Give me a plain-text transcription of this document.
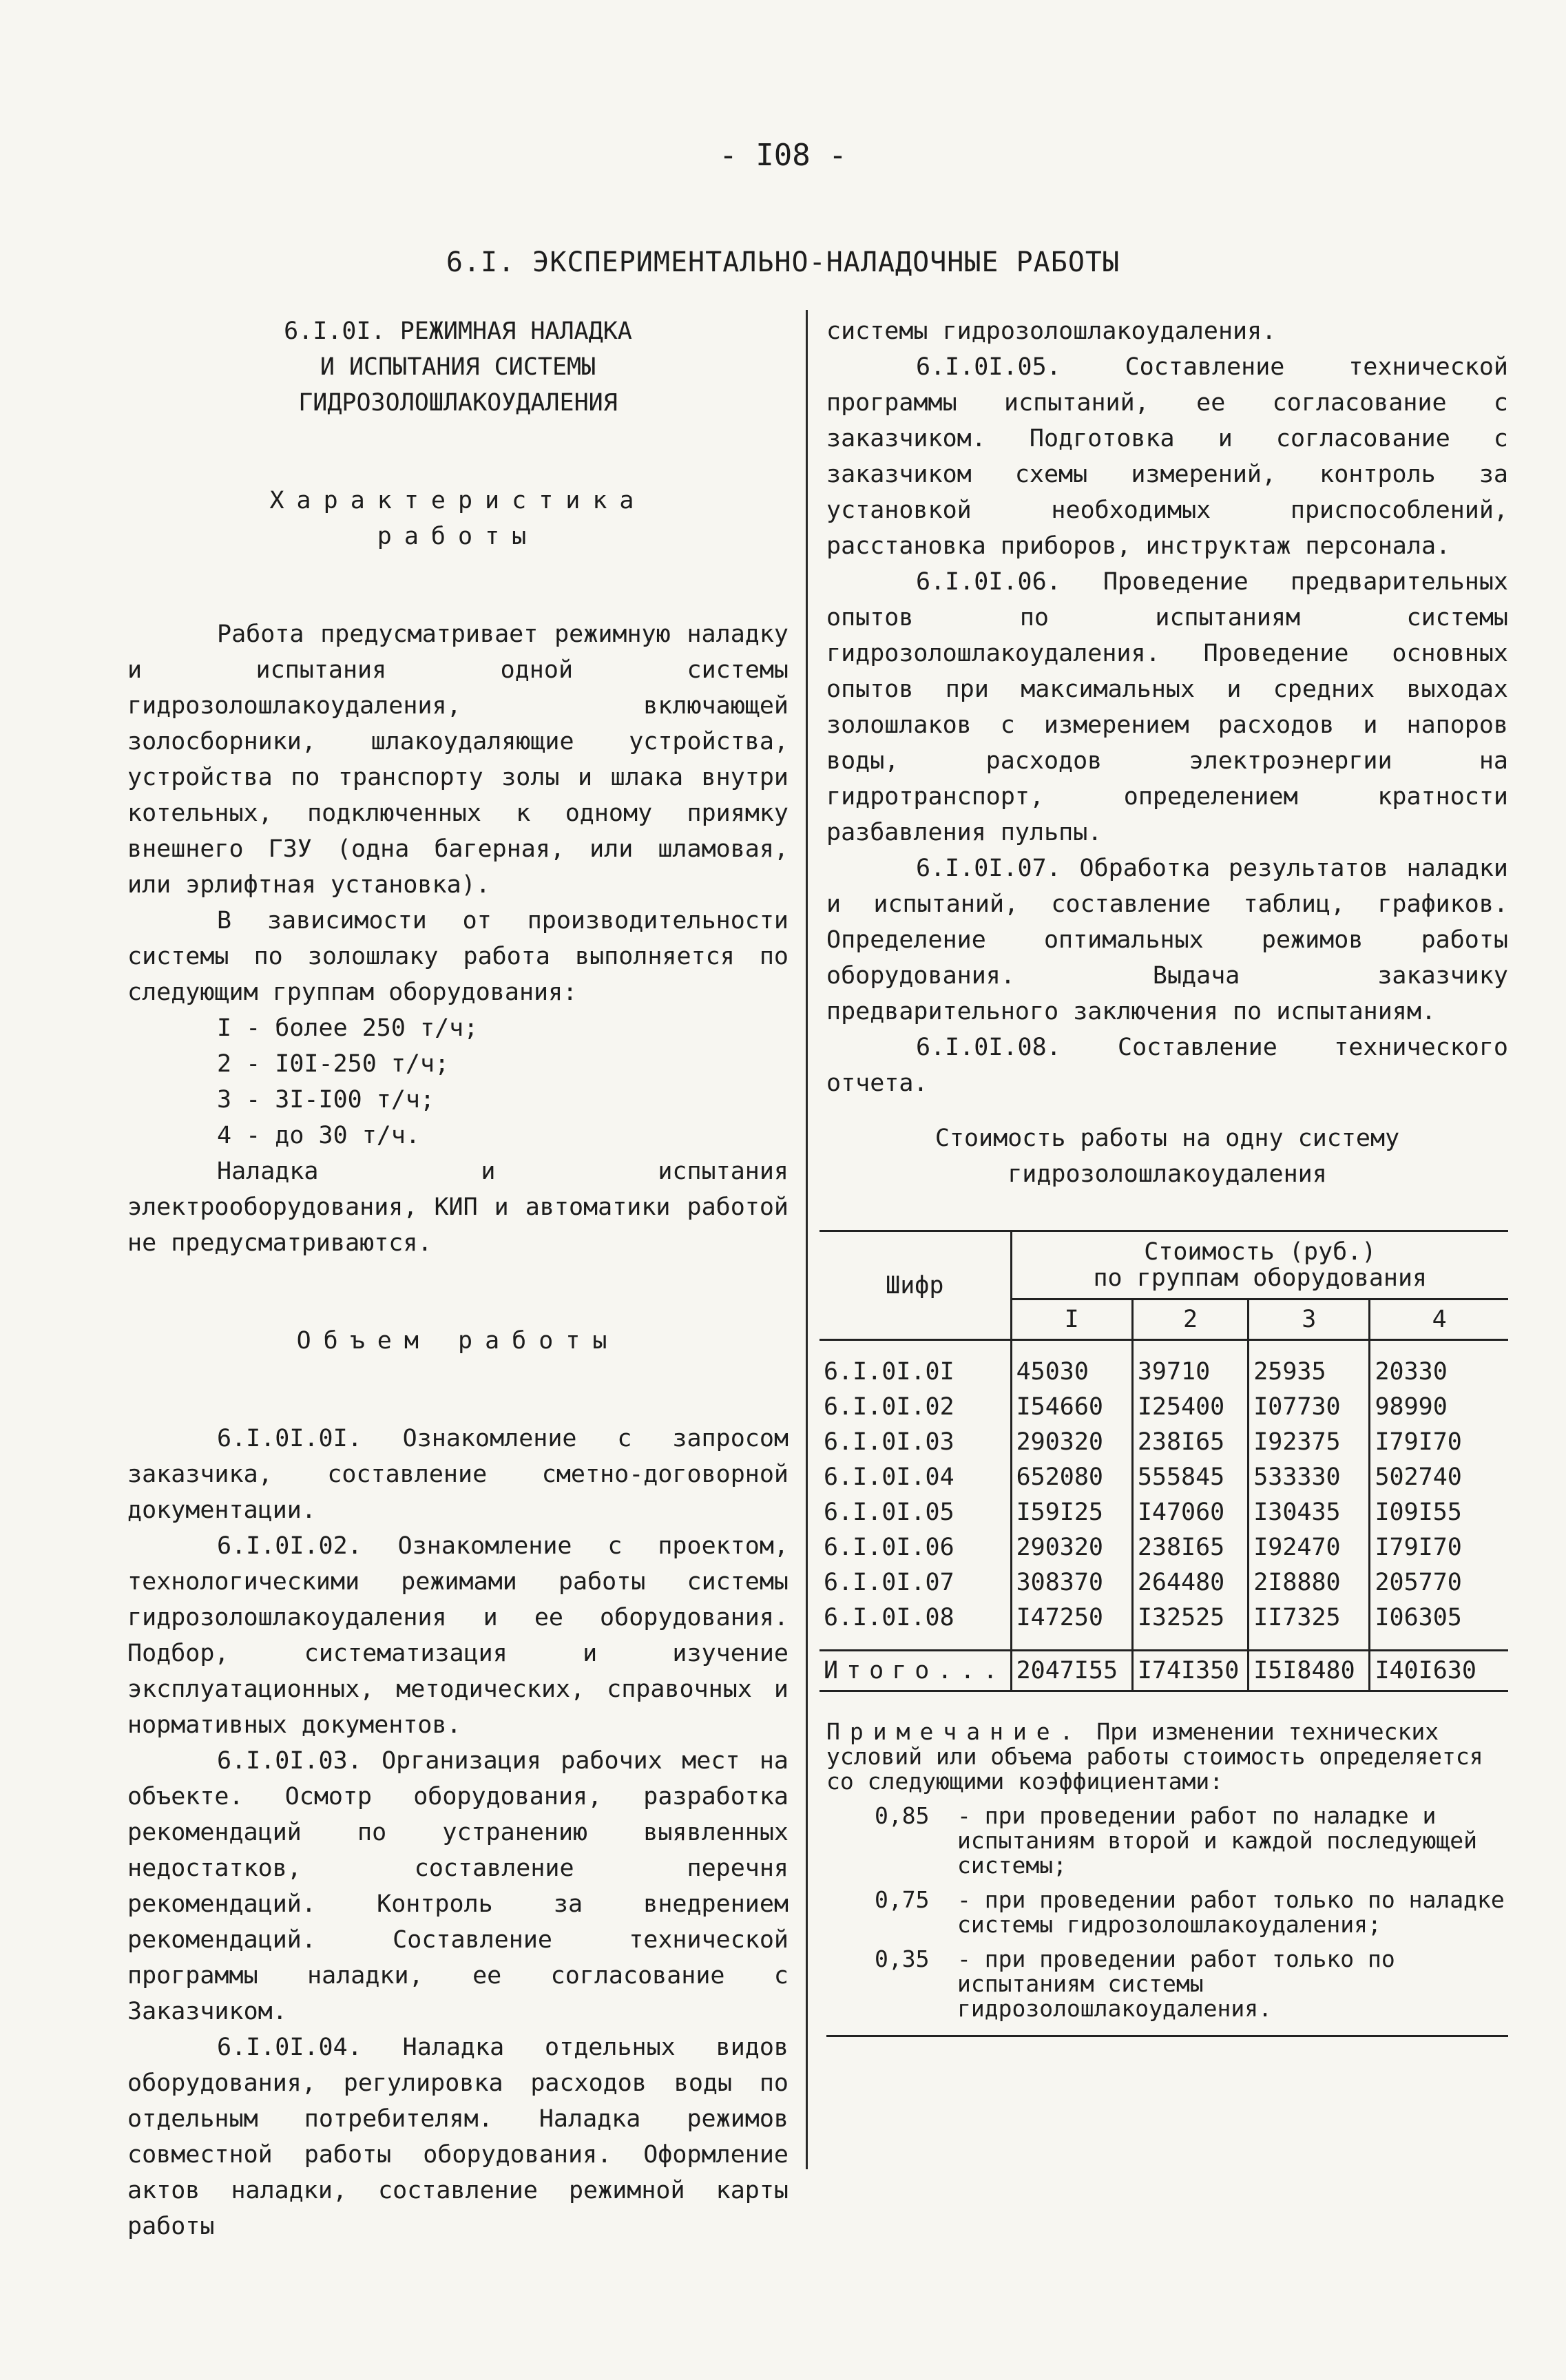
- I08 -
6.I. ЭКСПЕРИМЕНТАЛЬНО-НАЛАДОЧНЫЕ РАБОТЫ
6.I.0I. РЕЖИМНАЯ НАЛАДКА
И ИСПЫТАНИЯ СИСТЕМЫ
ГИДРОЗОЛОШЛАКОУДАЛЕНИЯ
Характеристика
работы

Работа предусматривает режимную наладку и испытания одной системы гидрозолошлакоудаления, включающей золосборники, шлакоудаляющие устройства, устройства по транспорту золы и шлака внутри котельных, подключенных к одному приямку внешнего ГЗУ (одна багерная, или шламовая, или эрлифтная установка).

В зависимости от производительности системы по золошлаку работа выполняется по следующим группам оборудования:

I - более 250 т/ч;
2 - I0I-250 т/ч;
3 - 3I-I00 т/ч;
4 - до 30 т/ч.

Наладка и испытания электрооборудования, КИП и автоматики работой не предусматриваются.

Объем работы

6.I.0I.0I. Ознакомление с запросом заказчика, составление сметно-договорной документации.

6.I.0I.02. Ознакомление с проектом, технологическими режимами работы системы гидрозолошлакоудаления и ее оборудования. Подбор, систематизация и изучение эксплуатационных, методических, справочных и нормативных документов.

6.I.0I.03. Организация рабочих мест на объекте. Осмотр оборудования, разработка рекомендаций по устранению выявленных недостатков, составление перечня рекомендаций. Контроль за внедрением рекомендаций. Составление технической программы наладки, ее согласование с Заказчиком.

6.I.0I.04. Наладка отдельных видов оборудования, регулировка расходов воды по отдельным потребителям. Наладка режимов совместной работы оборудования. Оформление актов наладки, составление режимной карты работы

системы гидрозолошлакоудаления.

6.I.0I.05. Составление технической программы испытаний, ее согласование с заказчиком. Подготовка и согласование с заказчиком схемы измерений, контроль за установкой необходимых приспособлений, расстановка приборов, инструктаж персонала.

6.I.0I.06. Проведение предварительных опытов по испытаниям системы гидрозолошлакоудаления. Проведение основных опытов при максимальных и средних выходах золошлаков с измерением расходов и напоров воды, расходов электроэнергии на гидротранспорт, определением кратности разбавления пульпы.

6.I.0I.07. Обработка результатов наладки и испытаний, составление таблиц, графиков. Определение оптимальных режимов работы оборудования. Выдача заказчику предварительного заключения по испытаниям.

6.I.0I.08. Составление технического отчета.

Стоимость работы на одну систему
гидрозолошлакоудаления
Шифр	Стоимость (руб.)
по группам оборудования			

	I	2	3	4
6.I.0I.0I	45030	39710	25935	20330
6.I.0I.02	I54660	I25400	I07730	98990
6.I.0I.03	290320	238I65	I92375	I79I70
6.I.0I.04	652080	555845	533330	502740
6.I.0I.05	I59I25	I47060	I30435	I09I55
6.I.0I.06	290320	238I65	I92470	I79I70
6.I.0I.07	308370	264480	2I8880	205770
6.I.0I.08	I47250	I32525	II7325	I06305
Итого...	2047I55	I74I350	I5I8480	I40I630
Примечание. При изменении технических условий или объема работы стоимость определяется со следующими коэффициентами:
0,85	- при проведении работ по наладке и испытаниям второй и каждой последующей системы;
0,75	- при проведении работ только по наладке системы гидрозолошлакоудаления;
0,35	- при проведении работ только по испытаниям системы гидрозолошлакоудаления.
